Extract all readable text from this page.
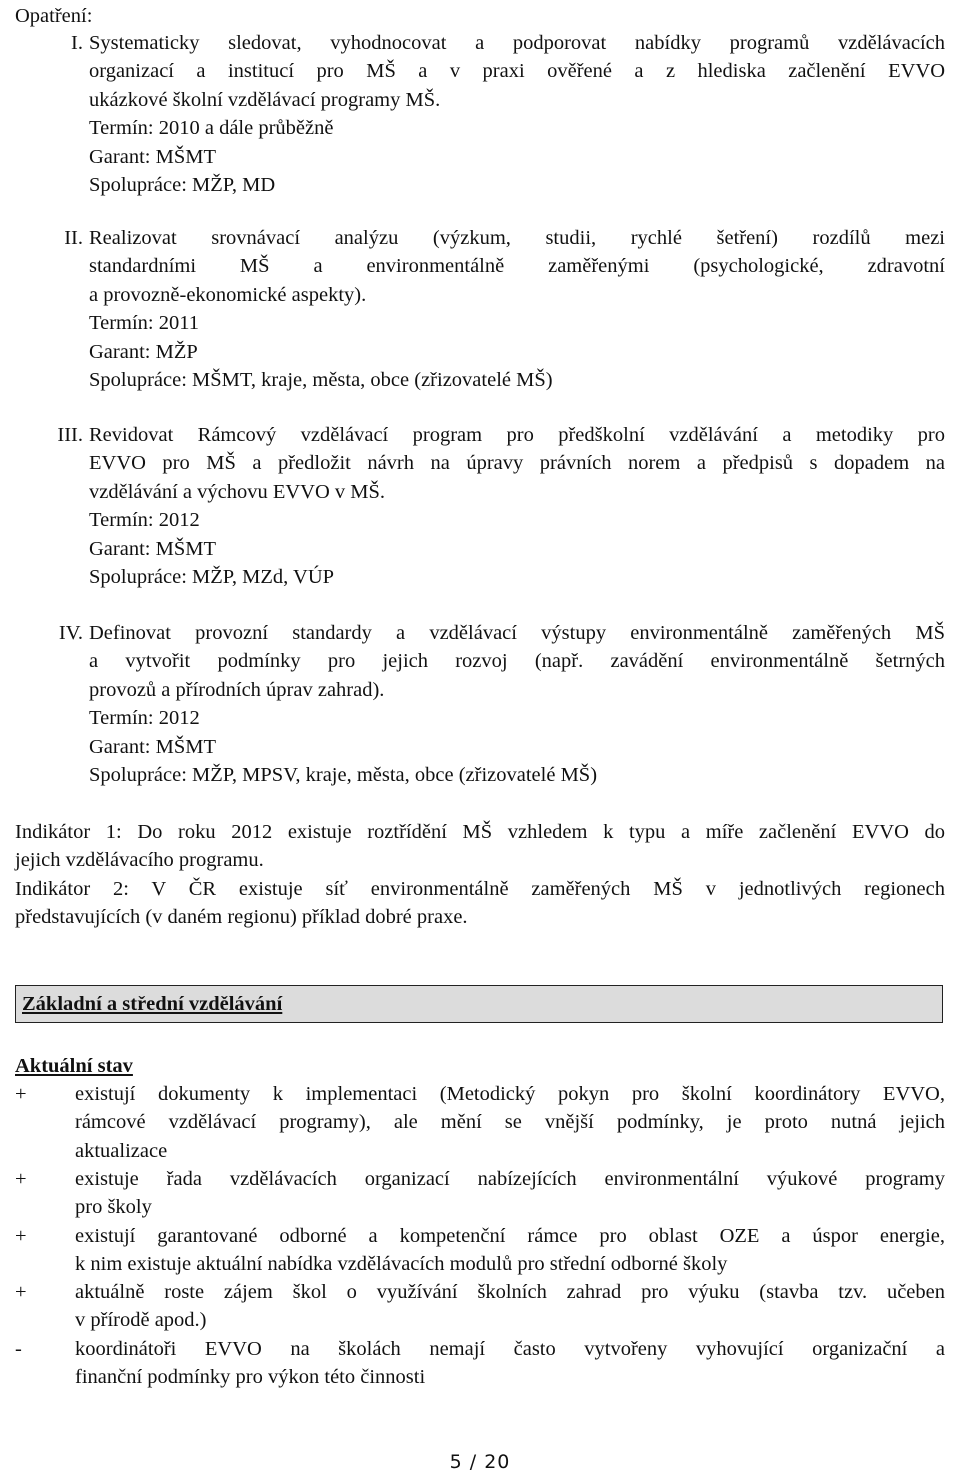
Opatření:
I. Systematicky sledovat, vyhodnocovat a podporovat nabídky programů vzdělávacích
organizací a institucí pro MŠ a v praxi ověřené a z hlediska začlenění EVVO
ukázkové školní vzdělávací programy MŠ.
Termín: 2010 a dále průběžně
Garant: MŠMT
Spolupráce: MŽP, MD
II. Realizovat srovnávací analýzu (výzkum, studii, rychlé šetření) rozdílů mezi
standardními MŠ a environmentálně zaměřenými (psychologické, zdravotní
a provozně-ekonomické aspekty).
Termín: 2011
Garant: MŽP
Spolupráce: MŠMT, kraje, města, obce (zřizovatelé MŠ)
III. Revidovat Rámcový vzdělávací program pro předškolní vzdělávání a metodiky pro
EVVO pro MŠ a předložit návrh na úpravy právních norem a předpisů s dopadem na
vzdělávání a výchovu EVVO v MŠ.
Termín: 2012
Garant: MŠMT
Spolupráce: MŽP, MZd, VÚP
IV. Definovat provozní standardy a vzdělávací výstupy environmentálně zaměřených MŠ
a vytvořit podmínky pro jejich rozvoj (např. zavádění environmentálně šetrných
provozů a přírodních úprav zahrad).
Termín: 2012
Garant: MŠMT
Spolupráce: MŽP, MPSV, kraje, města, obce (zřizovatelé MŠ)
Indikátor 1: Do roku 2012 existuje roztřídění MŠ vzhledem k typu a míře začlenění EVVO do
jejich vzdělávacího programu.
Indikátor 2: V ČR existuje síť environmentálně zaměřených MŠ v jednotlivých regionech
představujících (v daném regionu) příklad dobré praxe.
Základní a střední vzdělávání
Aktuální stav
+	existují dokumenty k implementaci (Metodický pokyn pro školní koordinátory EVVO,
rámcové vzdělávací programy), ale mění se vnější podmínky, je proto nutná jejich
aktualizace
+	existuje řada vzdělávacích organizací nabízejících environmentální výukové programy
pro školy
+	existují garantované odborné a kompetenční rámce pro oblast OZE a úspor energie,
k nim existuje aktuální nabídka vzdělávacích modulů pro střední odborné školy
+	aktuálně roste zájem škol o využívání školních zahrad pro výuku (stavba tzv. učeben
v přírodě apod.)
-	koordinátoři EVVO na školách nemají často vytvořeny vyhovující organizační a
finanční podmínky pro výkon této činnosti
5 / 20
